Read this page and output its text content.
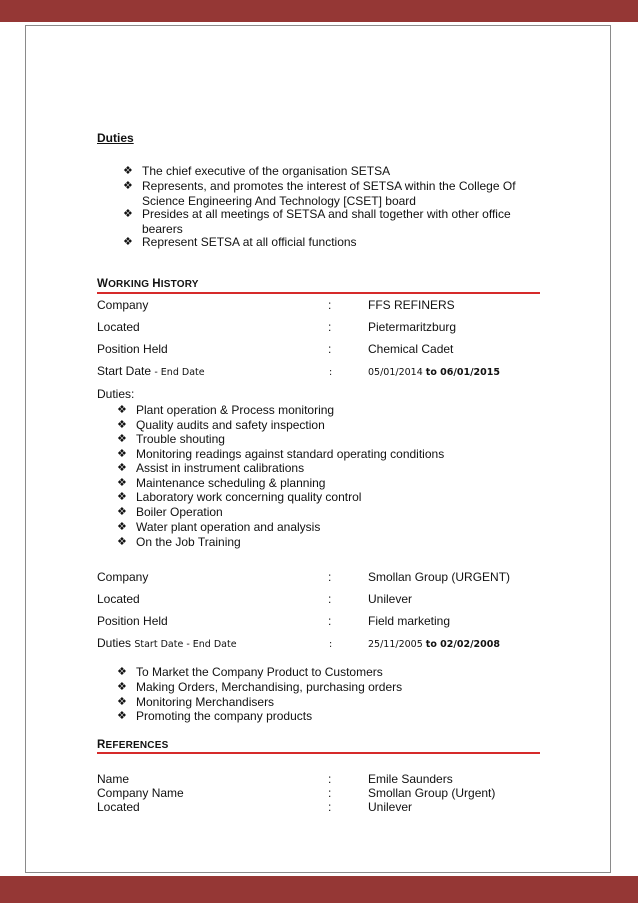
Duties
❖ The chief executive of the organisation SETSA
❖ Represents, and promotes the interest of SETSA within the College Of
Science Engineering And Technology [CSET] board
❖ Presides at all meetings of SETSA and shall together with other office
bearers
❖ Represent SETSA at all official functions
WORKING HISTORY
Company	:	FFS REFINERS
Located	:	Pietermaritzburg
Position Held	:	Chemical Cadet
Start Date - End Date	:	05/01/2014 to 06/01/2015
Duties:
❖ Plant operation & Process monitoring
❖ Quality audits and safety inspection
❖ Trouble shouting
❖ Monitoring readings against standard operating conditions
❖ Assist in instrument calibrations
❖ Maintenance scheduling & planning
❖ Laboratory work concerning quality control
❖ Boiler Operation
❖ Water plant operation and analysis
❖ On the Job Training
Company	:	Smollan Group (URGENT)
Located	:	Unilever
Position Held	:	Field marketing
Duties Start Date - End Date	:	25/11/2005 to 02/02/2008
❖ To Market the Company Product to Customers
❖ Making Orders, Merchandising, purchasing orders
❖ Monitoring Merchandisers
❖ Promoting the company products
REFERENCES
Name	:	Emile Saunders
Company Name	:	Smollan Group (Urgent)
Located	:	Unilever
